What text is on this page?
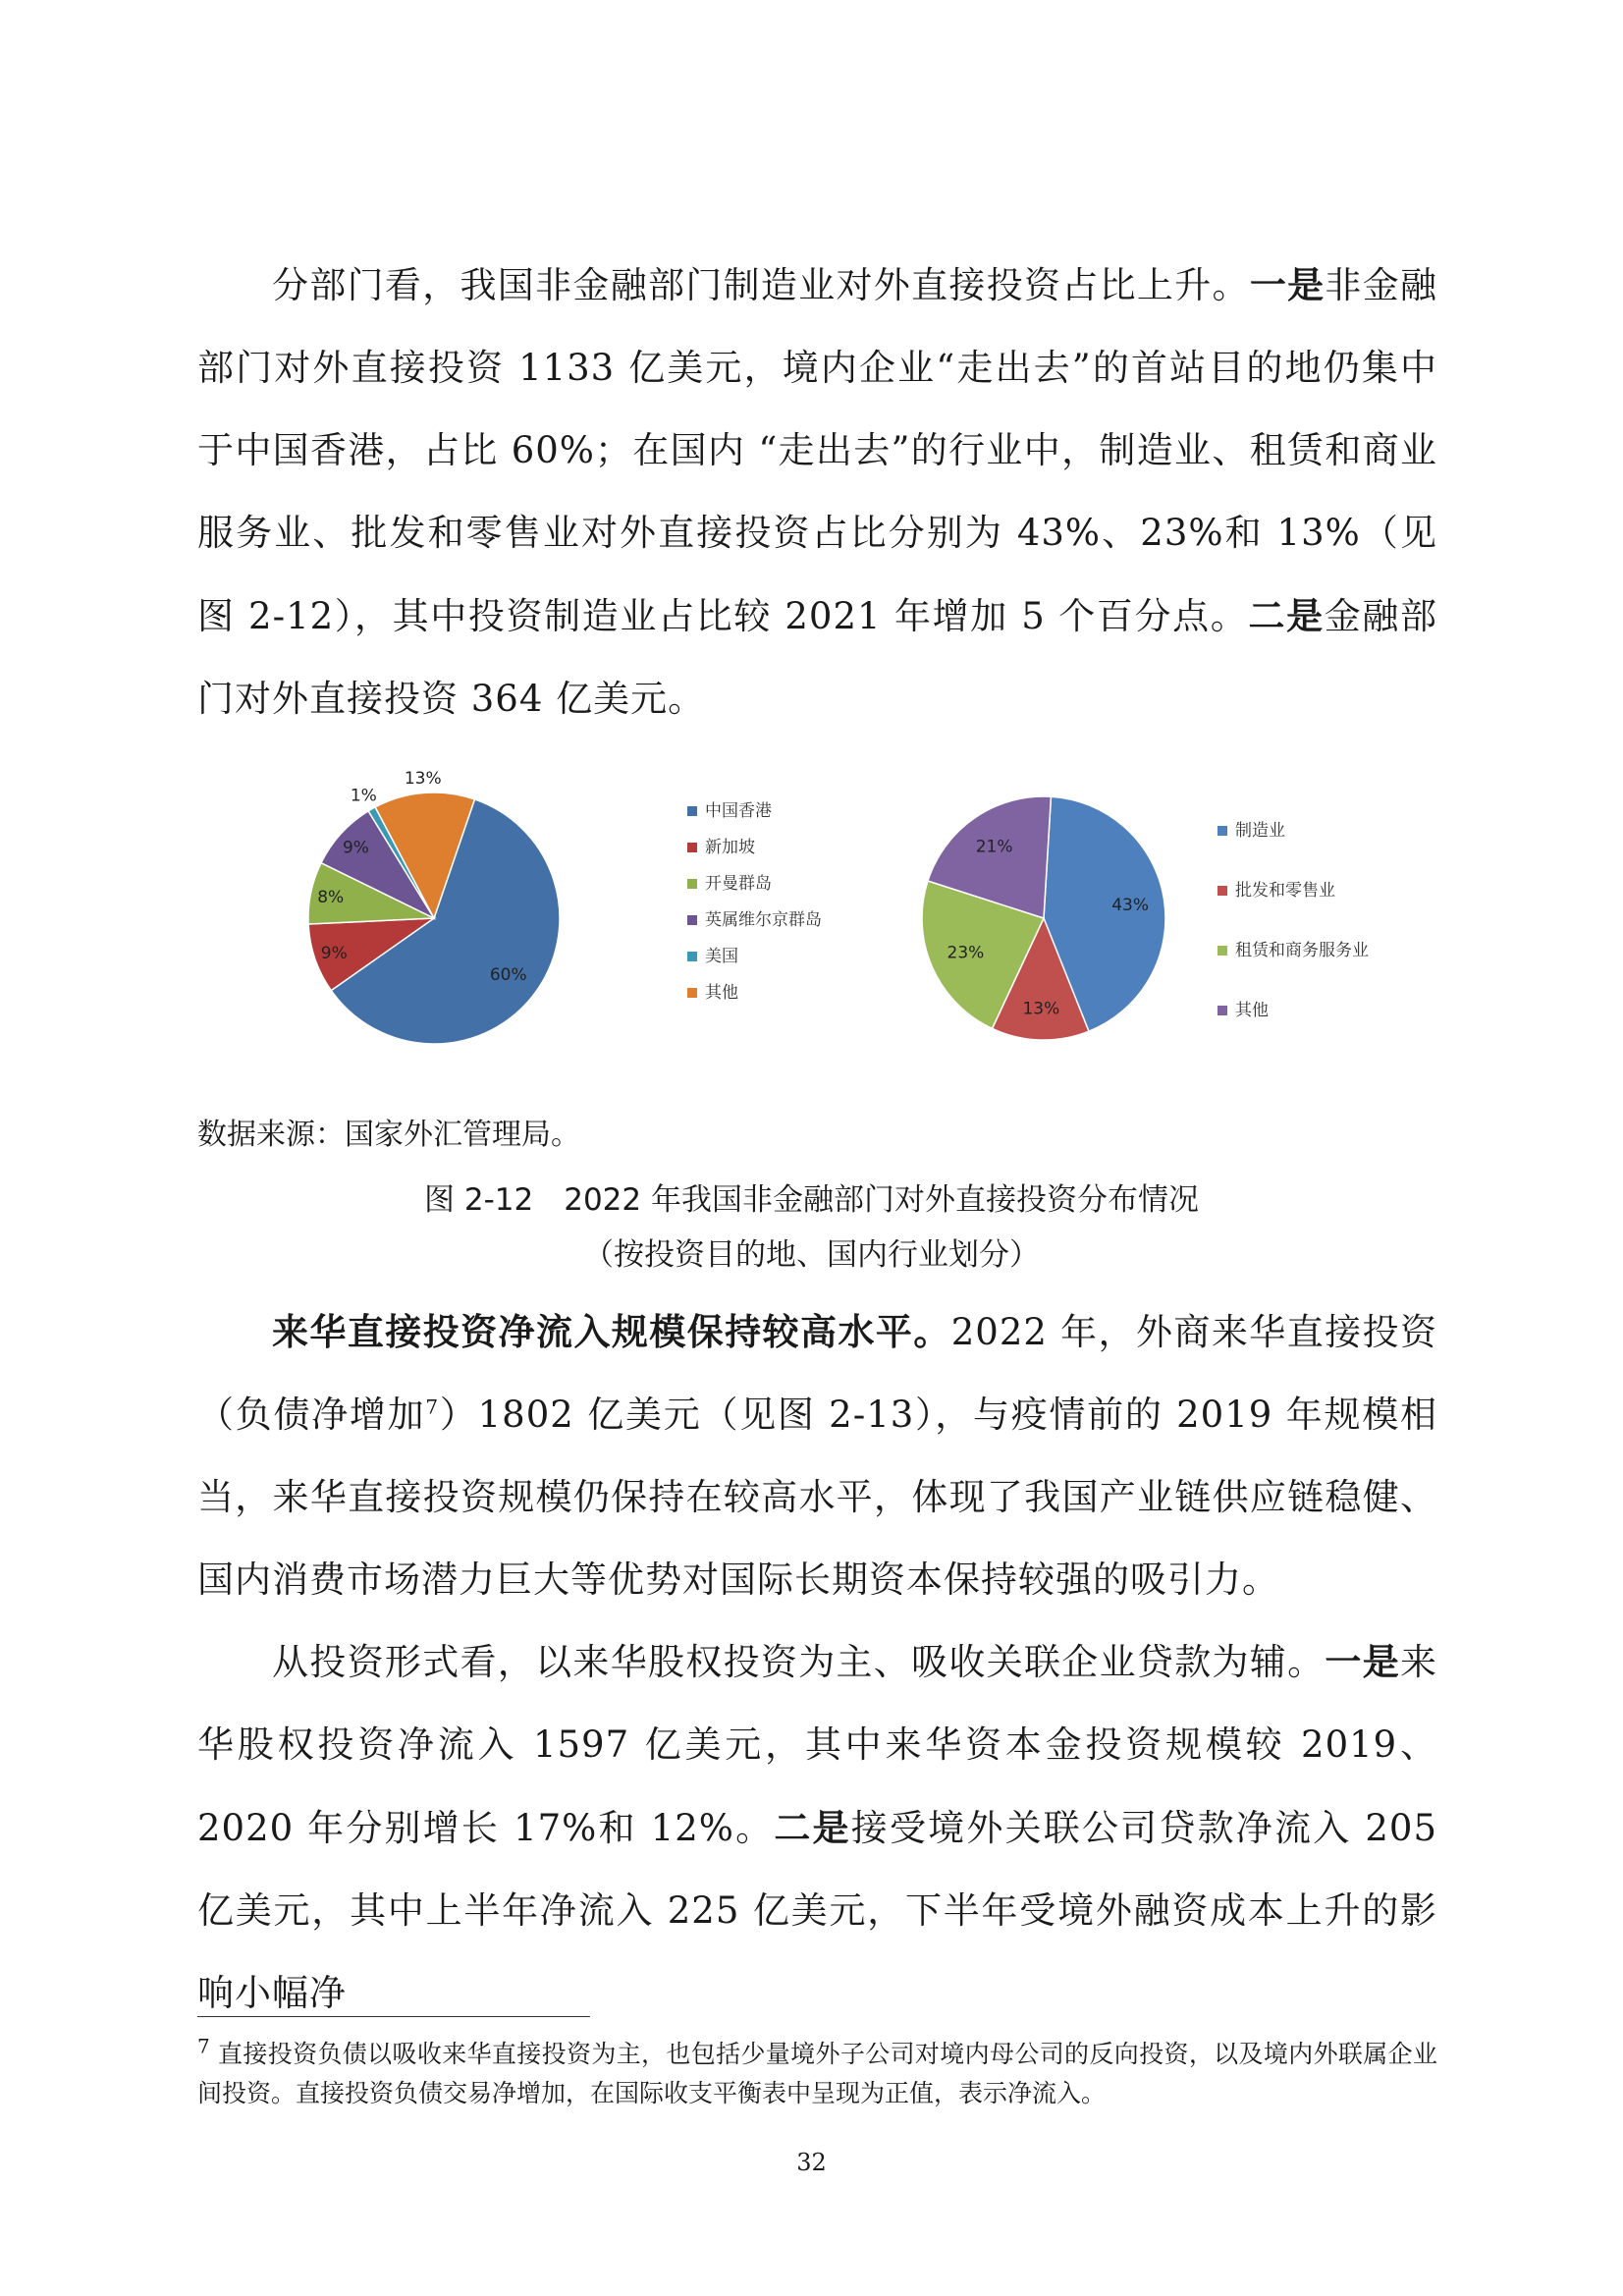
分部门看，我国非金融部门制造业对外直接投资占比上升。一是非金融部门对外直接投资 1133 亿美元，境内企业“走出去”的首站目的地仍集中于中国香港，占比 60%；在国内 “走出去”的行业中，制造业、租赁和商业服务业、批发和零售业对外直接投资占比分别为 43%、23%和 13%（见图 2-12），其中投资制造业占比较 2021 年增加 5 个百分点。二是金融部门对外直接投资 364 亿美元。

60%
9%
8%
9%
1%
13%
中国香港
新加坡
开曼群岛
英属维尔京群岛
美国
其他
43%
13%
23%
21%
制造业
批发和零售业
租赁和商务服务业
其他

数据来源：国家外汇管理局。

图 2-12　2022 年我国非金融部门对外直接投资分布情况

（按投资目的地、国内行业划分）

来华直接投资净流入规模保持较高水平。2022 年，外商来华直接投资（负债净增加$^7$）1802 亿美元（见图 2-13），与疫情前的 2019 年规模相当，来华直接投资规模仍保持在较高水平，体现了我国产业链供应链稳健、国内消费市场潜力巨大等优势对国际长期资本保持较强的吸引力。

从投资形式看，以来华股权投资为主、吸收关联企业贷款为辅。一是来华股权投资净流入 1597 亿美元，其中来华资本金投资规模较 2019、2020 年分别增长 17%和 12%。二是接受境外关联公司贷款净流入 205 亿美元，其中上半年净流入 225 亿美元，下半年受境外融资成本上升的影响小幅净

$^7$ 直接投资负债以吸收来华直接投资为主，也包括少量境外子公司对境内母公司的反向投资，以及境内外联属企业间投资。直接投资负债交易净增加，在国际收支平衡表中呈现为正值，表示净流入。

32
